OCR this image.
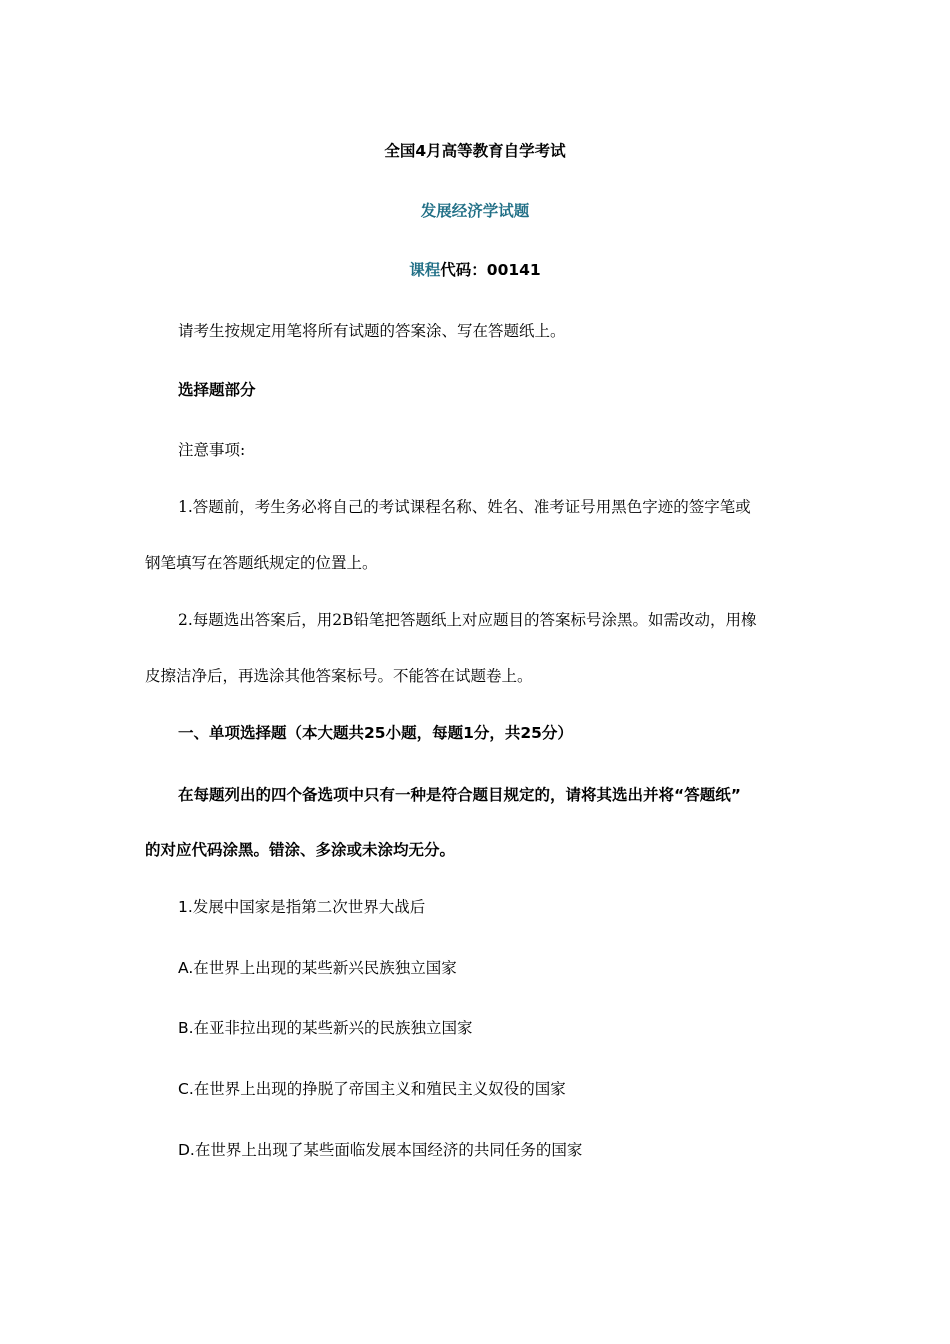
全国4月高等教育自学考试
发展经济学试题
课程代码：00141
请考生按规定用笔将所有试题的答案涂、写在答题纸上。
选择题部分
注意事项:
1.答题前，考生务必将自己的考试课程名称、姓名、准考证号用黑色字迹的签字笔或
钢笔填写在答题纸规定的位置上。
2.每题选出答案后，用2B铅笔把答题纸上对应题目的答案标号涂黑。如需改动，用橡
皮擦洁净后，再选涂其他答案标号。不能答在试题卷上。
一、单项选择题（本大题共25小题，每题1分，共25分）
在每题列出的四个备选项中只有一种是符合题目规定的，请将其选出并将“答题纸”
的对应代码涂黑。错涂、多涂或未涂均无分。
1.发展中国家是指第二次世界大战后
A.在世界上出现的某些新兴民族独立国家
B.在亚非拉出现的某些新兴的民族独立国家
C.在世界上出现的挣脱了帝国主义和殖民主义奴役的国家
D.在世界上出现了某些面临发展本国经济的共同任务的国家
